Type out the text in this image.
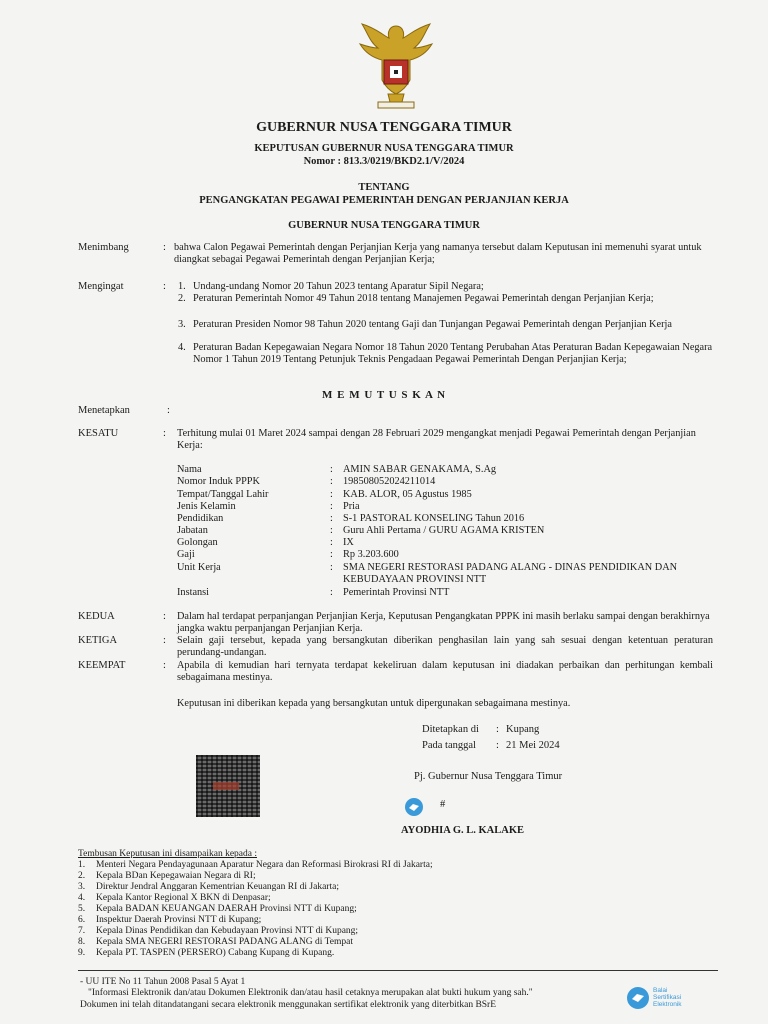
GUBERNUR NUSA TENGGARA TIMUR
KEPUTUSAN GUBERNUR NUSA TENGGARA TIMUR
Nomor : 813.3/0219/BKD2.1/V/2024
TENTANG
PENGANGKATAN PEGAWAI PEMERINTAH DENGAN PERJANJIAN KERJA
GUBERNUR NUSA TENGGARA TIMUR
Menimbang	: bahwa Calon Pegawai Pemerintah dengan Perjanjian Kerja yang namanya tersebut dalam Keputusan ini memenuhi syarat untuk diangkat sebagai Pegawai Pemerintah dengan Perjanjian Kerja;
Mengingat	: 1. Undang-undang Nomor 20 Tahun 2023 tentang Aparatur Sipil Negara;
2. Peraturan Pemerintah Nomor 49 Tahun 2018 tentang Manajemen Pegawai Pemerintah dengan Perjanjian Kerja;
3. Peraturan Presiden Nomor 98 Tahun 2020 tentang Gaji dan Tunjangan Pegawai Pemerintah dengan Perjanjian Kerja
4. Peraturan Badan Kepegawaian Negara Nomor 18 Tahun 2020 Tentang Perubahan Atas Peraturan Badan Kepegawaian Negara Nomor 1 Tahun 2019 Tentang Petunjuk Teknis Pengadaan Pegawai Pemerintah Dengan Perjanjian Kerja;
M E M U T U S K A N
Menetapkan	:
KESATU	: Terhitung mulai 01 Maret 2024 sampai dengan 28 Februari 2029 mengangkat menjadi Pegawai Pemerintah dengan Perjanjian Kerja:
Nama	: AMIN SABAR GENAKAMA, S.Ag
Nomor Induk PPPK	: 198508052024211014
Tempat/Tanggal Lahir	: KAB. ALOR, 05 Agustus 1985
Jenis Kelamin	: Pria
Pendidikan	: S-1 PASTORAL KONSELING Tahun 2016
Jabatan	: Guru Ahli Pertama / GURU AGAMA KRISTEN
Golongan	: IX
Gaji	: Rp 3.203.600
Unit Kerja	: SMA NEGERI RESTORASI PADANG ALANG - DINAS PENDIDIKAN DAN KEBUDAYAAN PROVINSI NTT
Instansi	: Pemerintah Provinsi NTT
KEDUA	: Dalam hal terdapat perpanjangan Perjanjian Kerja, Keputusan Pengangkatan PPPK ini masih berlaku sampai dengan berakhirnya jangka waktu perpanjangan Perjanjian Kerja.
KETIGA	: Selain gaji tersebut, kepada yang bersangkutan diberikan penghasilan lain yang sah sesuai dengan ketentuan peraturan perundang-undangan.
KEEMPAT	: Apabila di kemudian hari ternyata terdapat kekeliruan dalam keputusan ini diadakan perbaikan dan perhitungan kembali sebagaimana mestinya.
Keputusan ini diberikan kepada yang bersangkutan untuk dipergunakan sebagaimana mestinya.
Ditetapkan di : Kupang
Pada tanggal : 21 Mei 2024
Pj. Gubernur Nusa Tenggara Timur
#
AYODHIA G. L. KALAKE
Tembusan Keputusan ini disampaikan kepada :
1. Menteri Negara Pendayagunaan Aparatur Negara dan Reformasi Birokrasi RI di Jakarta;
2. Kepala BDan Kepegawaian Negara di RI;
3. Direktur Jendral Anggaran Kementrian Keuangan RI di Jakarta;
4. Kepala Kantor Regional X BKN di Denpasar;
5. Kepala BADAN KEUANGAN DAERAH Provinsi NTT di Kupang;
6. Inspektur Daerah Provinsi NTT di Kupang;
7. Kepala Dinas Pendidikan dan Kebudayaan Provinsi NTT di Kupang;
8. Kepala SMA NEGERI RESTORASI PADANG ALANG di Tempat
9. Kepala PT. TASPEN (PERSERO) Cabang Kupang di Kupang.
- UU ITE No 11 Tahun 2008 Pasal 5 Ayat 1
"Informasi Elektronik dan/atau Dokumen Elektronik dan/atau hasil cetaknya merupakan alat bukti hukum yang sah."
Dokumen ini telah ditandatangani secara elektronik menggunakan sertifikat elektronik yang diterbitkan BSrE
Balai
Sertifikasi
Elektronik
